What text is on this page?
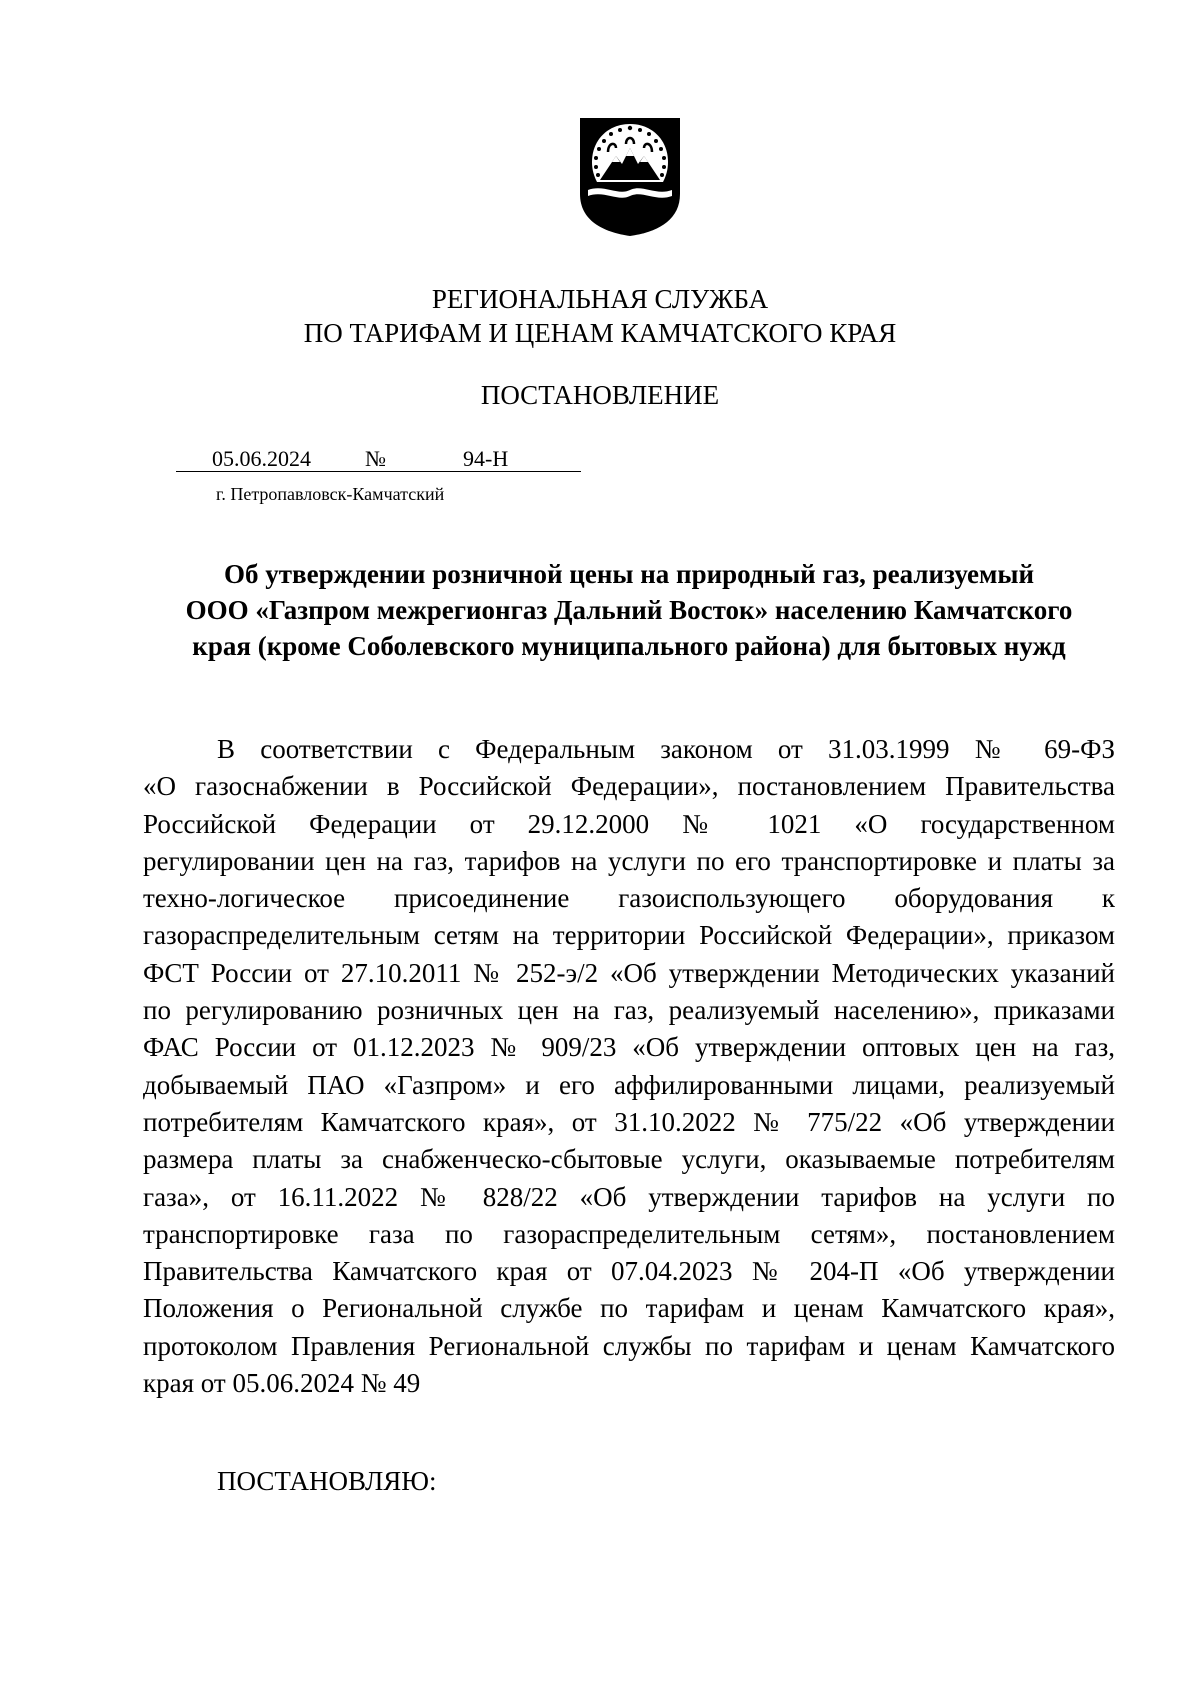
РЕГИОНАЛЬНАЯ СЛУЖБА
ПО ТАРИФАМ И ЦЕНАМ КАМЧАТСКОГО КРАЯ
ПОСТАНОВЛЕНИЕ
05.06.2024 №	94-Н
г. Петропавловск-Камчатский
Об утверждении розничной цены на природный газ, реализуемый
ООО «Газпром межрегионгаз Дальний Восток» населению Камчатского
края (кроме Соболевского муниципального района) для бытовых нужд
В соответствии с Федеральным законом от 31.03.1999 № 69-ФЗ
«О газоснабжении в Российской Федерации», постановлением Правительства
Российской Федерации от 29.12.2000 № 1021 «О государственном
регулировании цен на газ, тарифов на услуги по его транспортировке и платы за
техно-логическое присоединение газоиспользующего оборудования к
газораспределительным сетям на территории Российской Федерации», приказом
ФСТ России от 27.10.2011 № 252-э/2 «Об утверждении Методических указаний
по регулированию розничных цен на газ, реализуемый населению», приказами
ФАС России от 01.12.2023 № 909/23 «Об утверждении оптовых цен на газ,
добываемый ПАО «Газпром» и его аффилированными лицами, реализуемый
потребителям Камчатского края», от 31.10.2022 № 775/22 «Об утверждении
размера платы за снабженческо-сбытовые услуги, оказываемые потребителям
газа», от 16.11.2022 № 828/22 «Об утверждении тарифов на услуги по
транспортировке газа по газораспределительным сетям», постановлением
Правительства Камчатского края от 07.04.2023 № 204-П «Об утверждении
Положения о Региональной службе по тарифам и ценам Камчатского края»,
протоколом Правления Региональной службы по тарифам и ценам Камчатского
края от 05.06.2024 № 49
ПОСТАНОВЛЯЮ:
